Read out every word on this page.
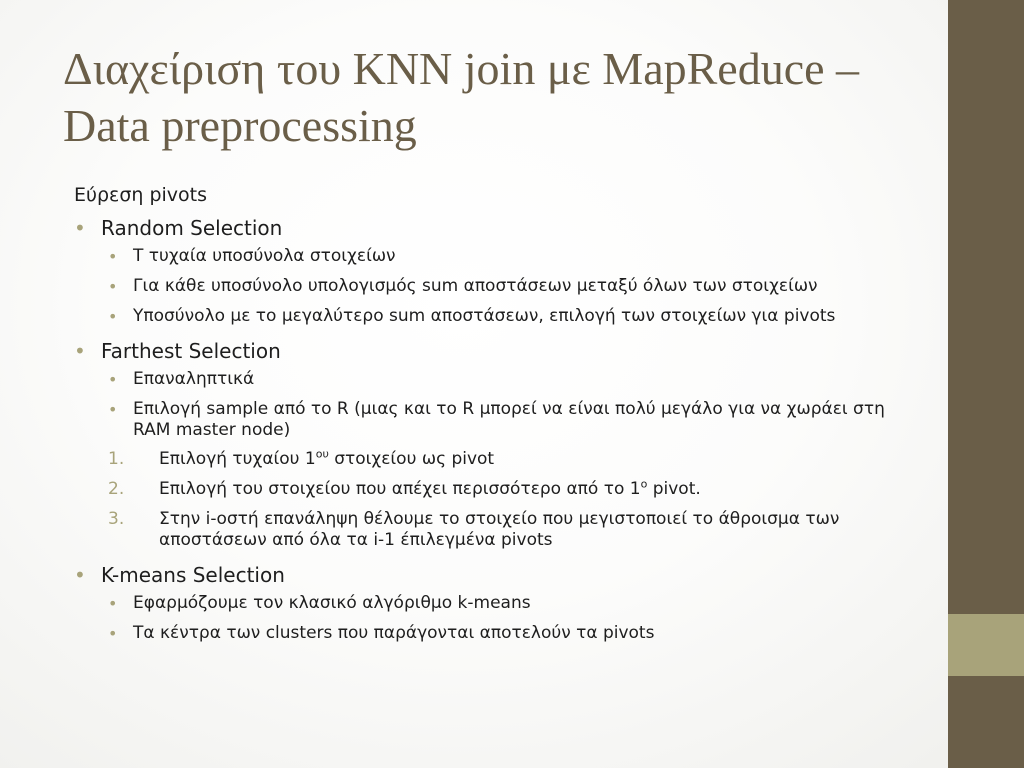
Διαχείριση του KNN join με MapReduce –
Data preprocessing
Εύρεση pivots
• Random Selection
• Τ τυχαία υποσύνολα στοιχείων
• Για κάθε υποσύνολο υπολογισμός sum αποστάσεων μεταξύ όλων των στοιχείων
• Υποσύνολο με το μεγαλύτερο sum αποστάσεων, επιλογή των στοιχείων για pivots
• Farthest Selection
• Επαναληπτικά
• Επιλογή sample από το R (μιας και το R μπορεί να είναι πολύ μεγάλο για να χωράει στη RAM master node)
1. Επιλογή τυχαίου $1^{o\upsilon}$ στοιχείου ως pivot
2. Επιλογή του στοιχείου που απέχει περισσότερο από το $1^o$ pivot.
3. Στην i-οστή επανάληψη θέλουμε το στοιχείο που μεγιστοποιεί το άθροισμα των αποστάσεων από όλα τα i-1 έπιλεγμένα pivots
• K-means Selection
• Εφαρμόζουμε τον κλασικό αλγόριθμο k-means
• Τα κέντρα των clusters που παράγονται αποτελούν τα pivots
